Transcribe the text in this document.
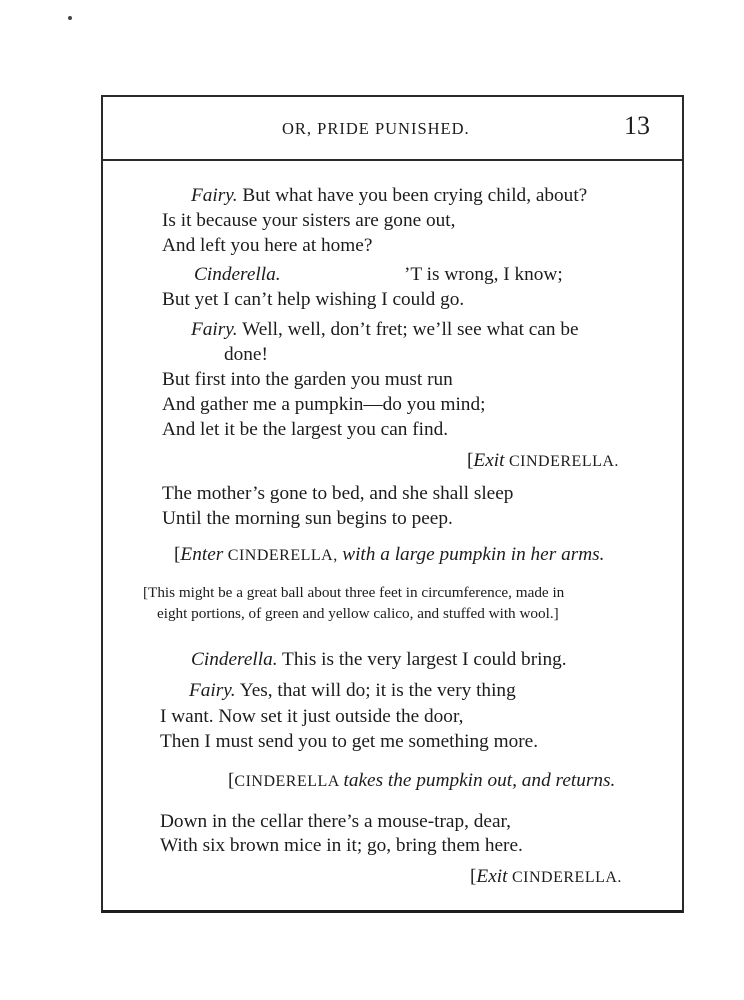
OR, PRIDE PUNISHED.	13
Fairy. But what have you been crying child, about?
Is it because your sisters are gone out,
And left you here at home?
Cinderella.	’T is wrong, I know;
But yet I can’t help wishing I could go.
Fairy. Well, well, don’t fret; we’ll see what can be
done!
But first into the garden you must run
And gather me a pumpkin—do you mind;
And let it be the largest you can find.
[Exit CINDERELLA.
The mother’s gone to bed, and she shall sleep
Until the morning sun begins to peep.
[Enter CINDERELLA, with a large pumpkin in her arms.
[This might be a great ball about three feet in circumference, made in
eight portions, of green and yellow calico, and stuffed with wool.]
Cinderella. This is the very largest I could bring.
Fairy. Yes, that will do; it is the very thing
I want. Now set it just outside the door,
Then I must send you to get me something more.
[CINDERELLA takes the pumpkin out, and returns.
Down in the cellar there’s a mouse-trap, dear,
With six brown mice in it; go, bring them here.
[Exit CINDERELLA.
